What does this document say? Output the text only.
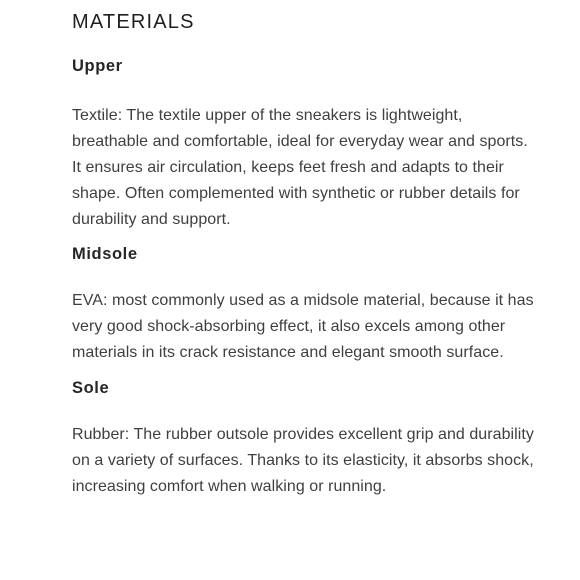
MATERIALS
Upper

Textile: The textile upper of the sneakers is lightweight, breathable and comfortable, ideal for everyday wear and sports. It ensures air circulation, keeps feet fresh and adapts to their shape. Often complemented with synthetic or rubber details for durability and support.

Midsole

EVA: most commonly used as a midsole material, because it has very good shock-absorbing effect, it also excels among other materials in its crack resistance and elegant smooth surface.

Sole

Rubber: The rubber outsole provides excellent grip and durability on a variety of surfaces. Thanks to its elasticity, it absorbs shock, increasing comfort when walking or running.
